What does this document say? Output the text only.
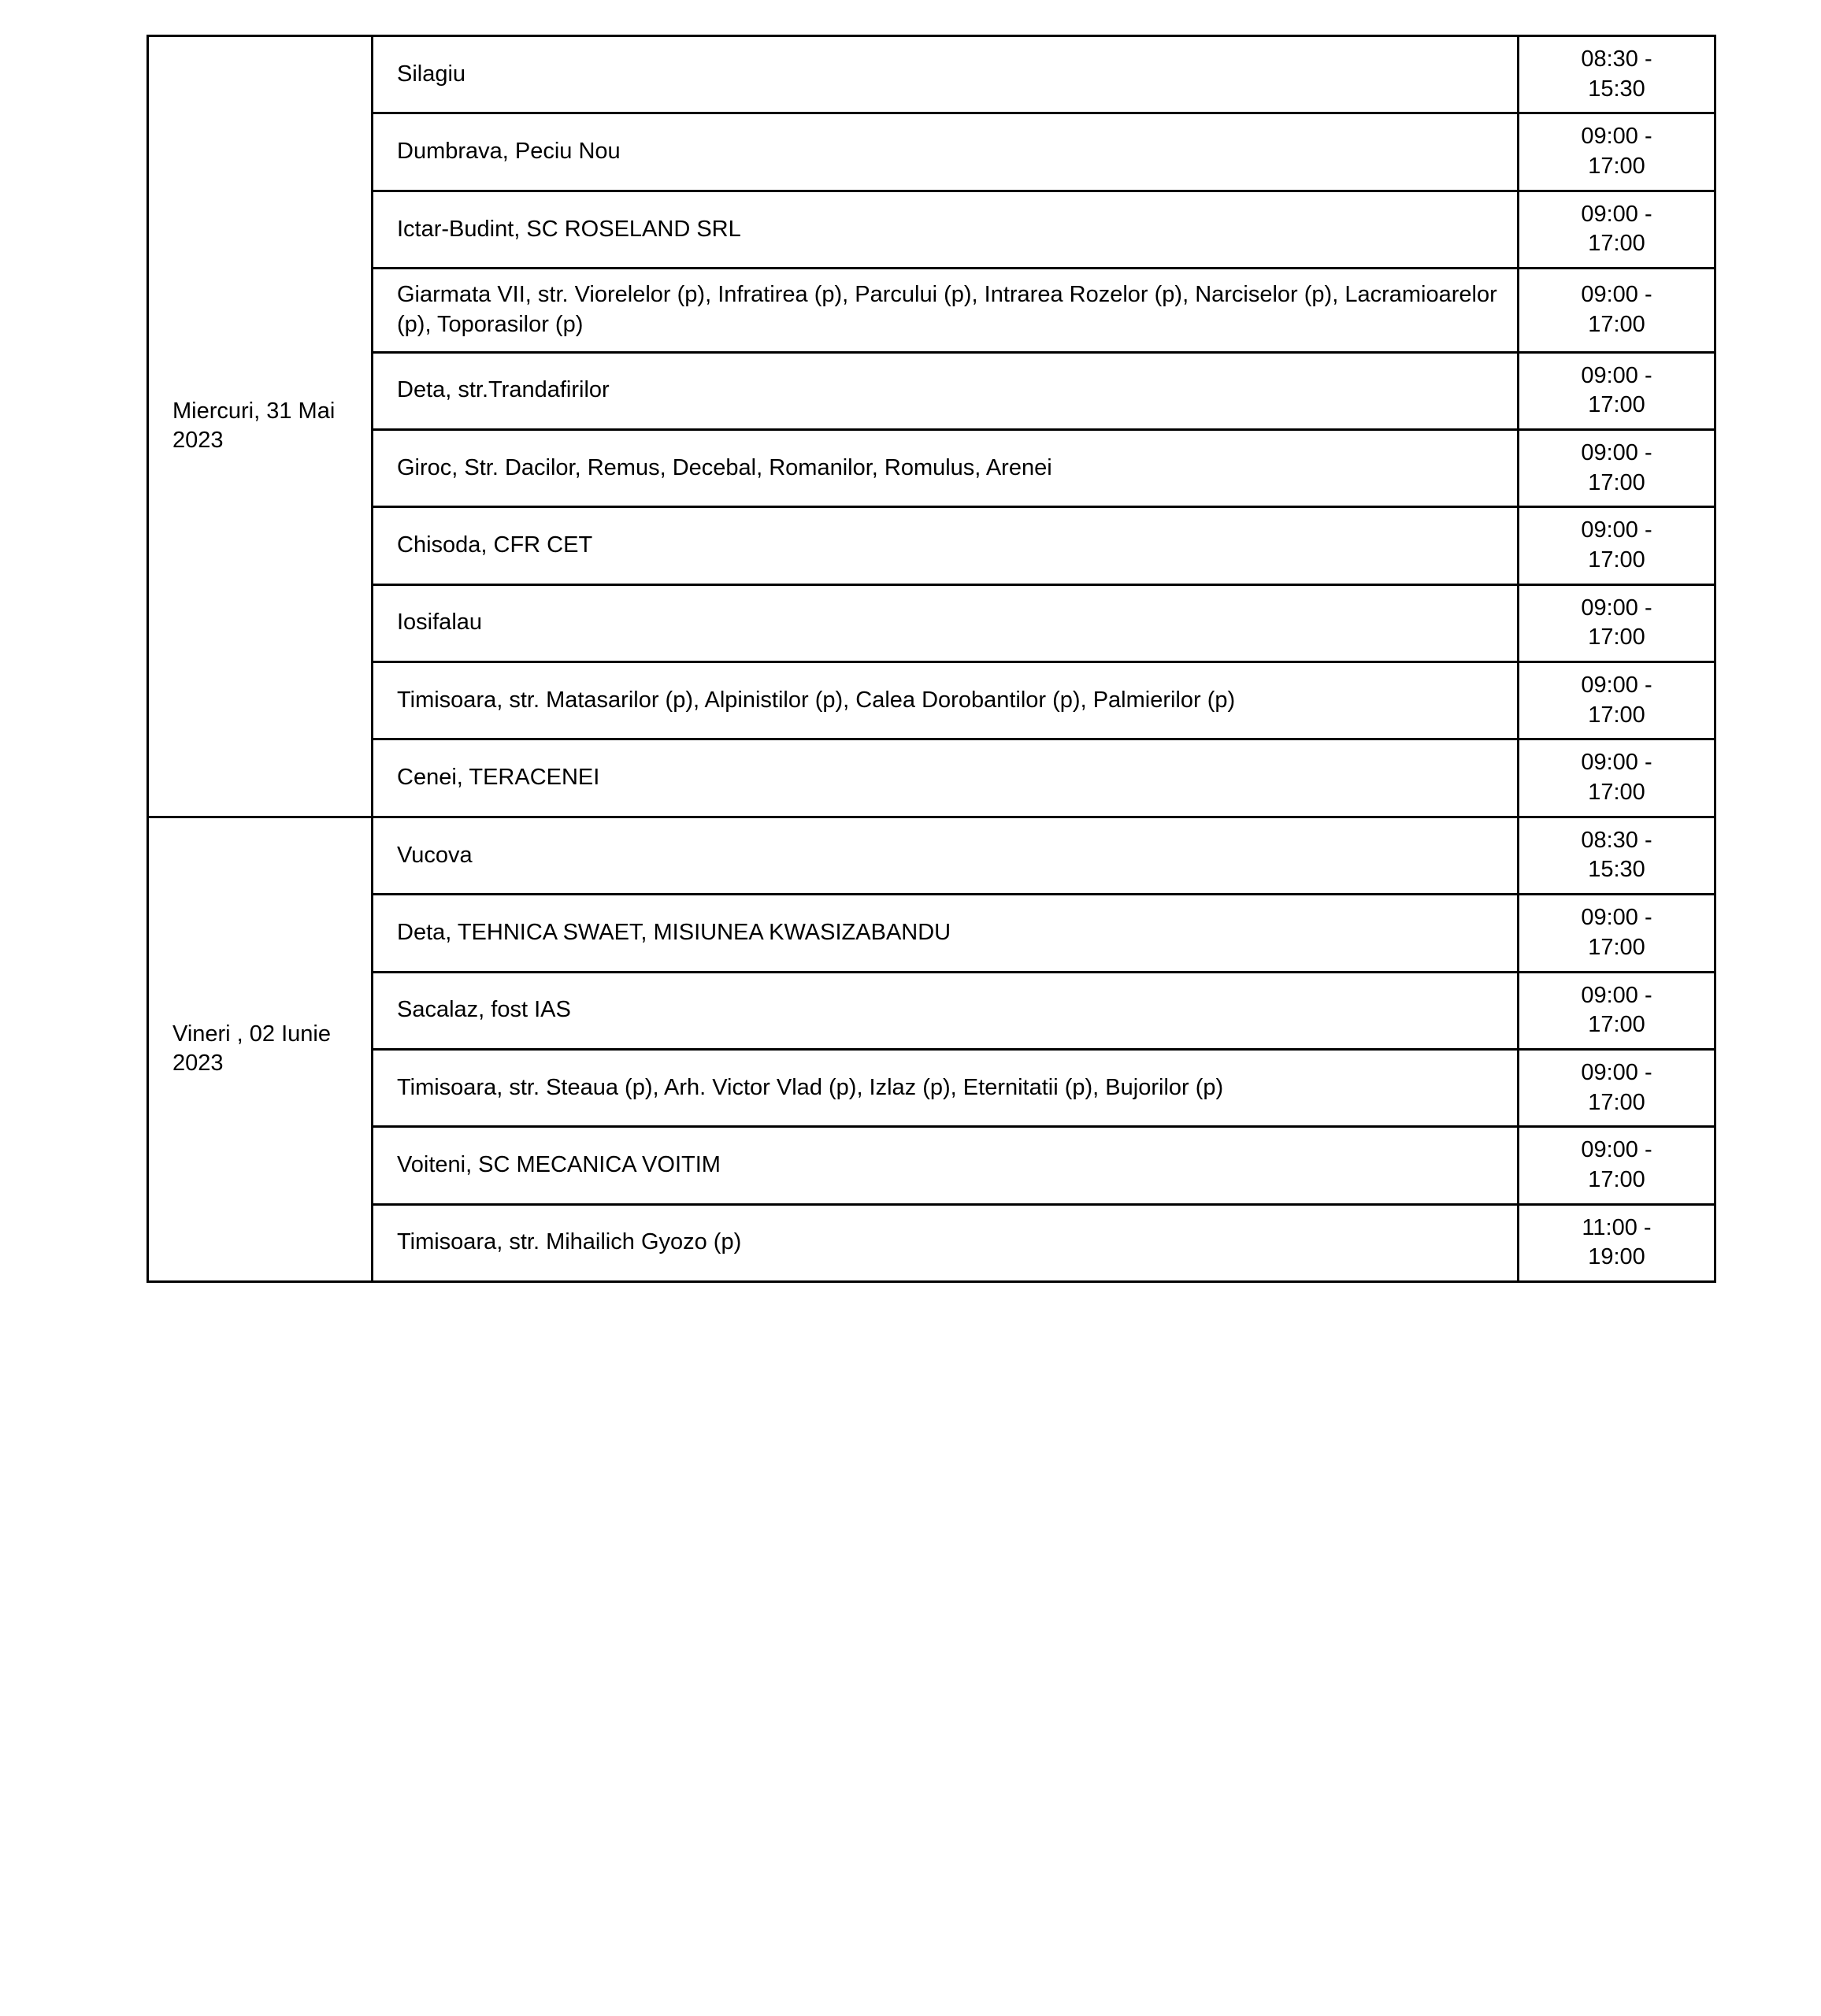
Miercuri, 31 Mai 2023	Silagiu	08:30 -
15:30

	Dumbrava, Peciu Nou	09:00 -
17:00

	Ictar-Budint, SC ROSELAND SRL	09:00 -
17:00

	Giarmata VII, str. Viorelelor (p), Infratirea (p), Parcului (p), Intrarea Rozelor (p), Narciselor (p), Lacramioarelor (p), Toporasilor (p)	09:00 -
17:00

	Deta, str.Trandafirilor	09:00 -
17:00

	Giroc, Str. Dacilor, Remus, Decebal, Romanilor, Romulus, Arenei	09:00 -
17:00

	Chisoda, CFR CET	09:00 -
17:00

	Iosifalau	09:00 -
17:00

	Timisoara, str. Matasarilor (p), Alpinistilor (p), Calea Dorobantilor (p), Palmierilor (p)	09:00 -
17:00

	Cenei, TERACENEI	09:00 -
17:00

Vineri , 02 Iunie 2023	Vucova	08:30 -
15:30

	Deta, TEHNICA SWAET, MISIUNEA KWASIZABANDU	09:00 -
17:00

	Sacalaz, fost IAS	09:00 -
17:00

	Timisoara, str. Steaua (p), Arh. Victor Vlad (p), Izlaz (p), Eternitatii (p), Bujorilor (p)	09:00 -
17:00

	Voiteni, SC MECANICA VOITIM	09:00 -
17:00

	Timisoara, str. Mihailich Gyozo (p)	11:00 -
19:00
